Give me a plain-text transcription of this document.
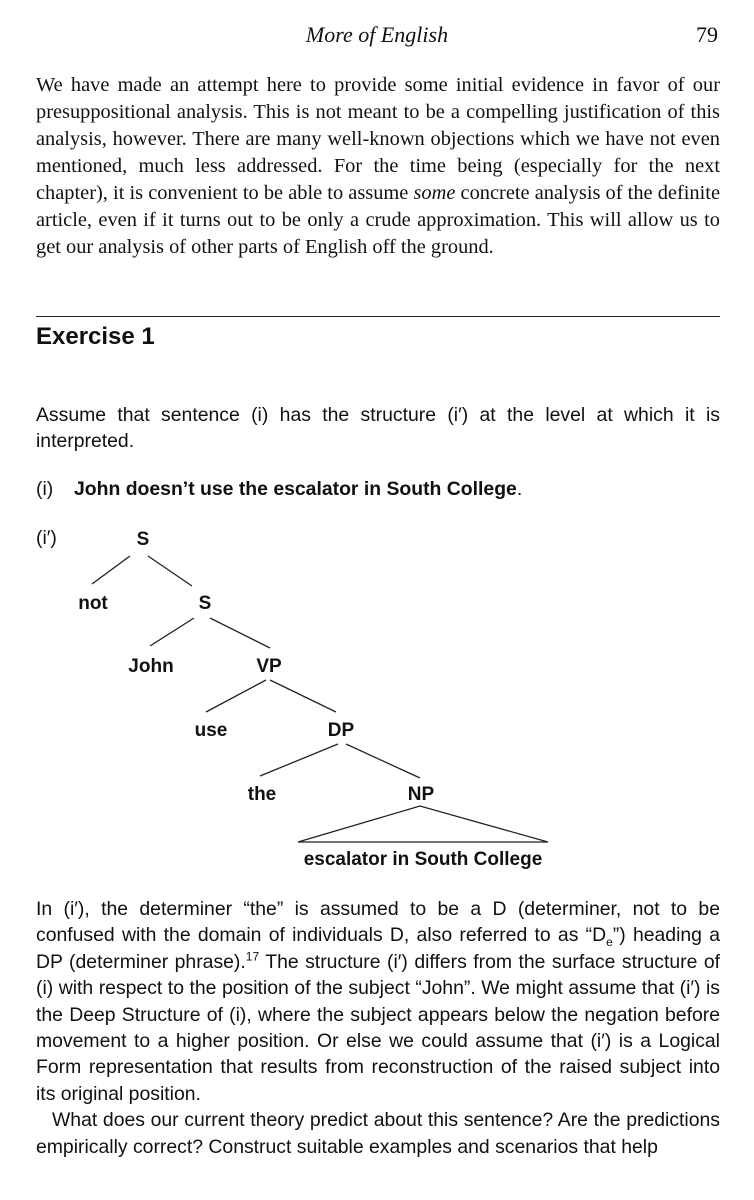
More of English	79
We have made an attempt here to provide some initial evidence in favor of our presuppositional analysis. This is not meant to be a compelling justification of this analysis, however. There are many well-known objections which we have not even mentioned, much less addressed. For the time being (especially for the next chapter), it is convenient to be able to assume some concrete analysis of the definite article, even if it turns out to be only a crude approximation. This will allow us to get our analysis of other parts of English off the ground.
Exercise 1
Assume that sentence (i) has the structure (i′) at the level at which it is interpreted.
(i) John doesn’t use the escalator in South College.
(i′)	S
not	S
John	VP
use	DP
the	NP
escalator in South College

In (i′), the determiner “the” is assumed to be a D (determiner, not to be confused with the domain of individuals D, also referred to as “$D_e$”) heading a DP (determiner phrase).$^{17}$ The structure (i′) differs from the surface structure of (i) with respect to the position of the subject “John”. We might assume that (i′) is the Deep Structure of (i), where the subject appears below the negation before movement to a higher position. Or else we could assume that (i′) is a Logical Form representation that results from reconstruction of the raised subject into its original position.

What does our current theory predict about this sentence? Are the predictions empirically correct? Construct suitable examples and scenarios that help
